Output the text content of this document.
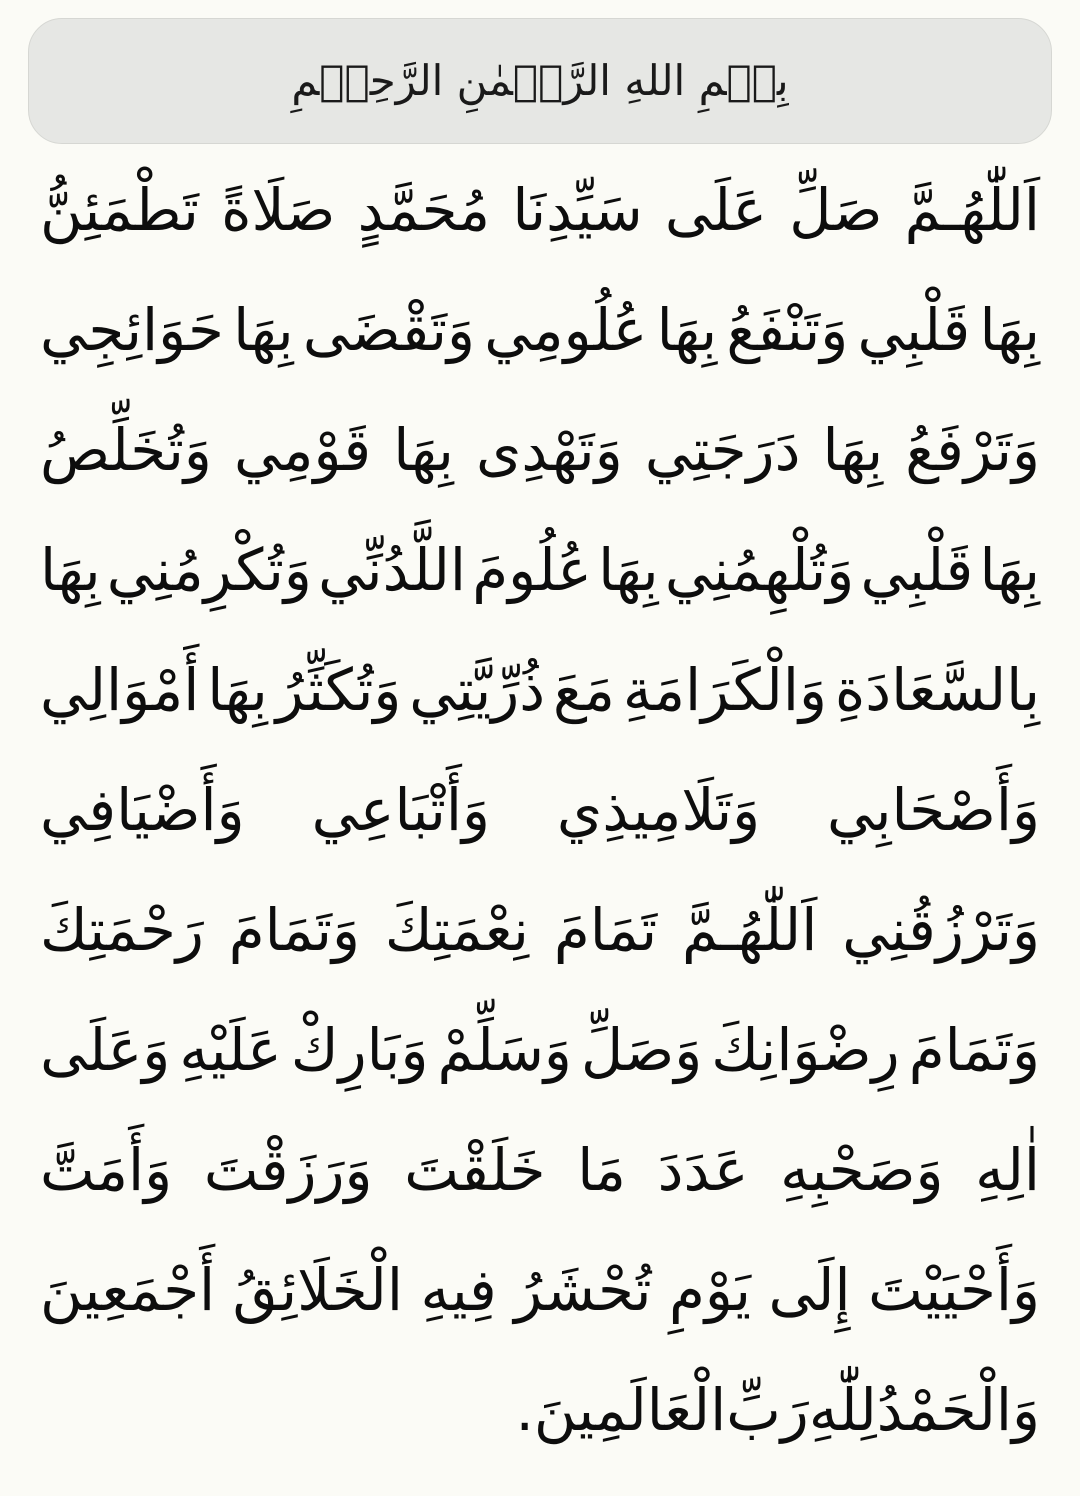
بِسۡمِ اللهِ الرَّحۡمٰنِ الرَّحِيۡمِ
اَللّٰهُـمَّ
صَلِّ
عَلَى
سَيِّدِنَا
مُحَمَّدٍ
صَلَاةً
تَطْمَئِنُّ
بِهَا
قَلْبِي
وَتَنْفَعُ
بِهَا
عُلُومِي
وَتَقْضَى
بِهَا
حَوَائِجِي
وَتَرْفَعُ
بِهَا
دَرَجَتِي
وَتَهْدِى
بِهَا
قَوْمِي
وَتُخَلِّصُ
بِهَا
قَلْبِي
وَتُلْهِمُنِي
بِهَا
عُلُومَ
اللَّدُنِّي
وَتُكْرِمُنِي
بِهَا
بِالسَّعَادَةِ
وَالْكَرَامَةِ
مَعَ
ذُرِّيَّتِي
وَتُكَثِّرُ
بِهَا
أَمْوَالِي
وَأَصْحَابِي
وَتَلَامِيذِي
وَأَتْبَاعِي
وَأَضْيَافِي
وَتَرْزُقُنِي
اَللّٰهُـمَّ
تَمَامَ
نِعْمَتِكَ
وَتَمَامَ
رَحْمَتِكَ
وَتَمَامَ
رِضْوَانِكَ
وَصَلِّ
وَسَلِّمْ
وَبَارِكْ
عَلَيْهِ
وَعَلَى
اٰلِهِ
وَصَحْبِهِ
عَدَدَ
مَا
خَلَقْتَ
وَرَزَقْتَ
وَأَمَتَّ
وَأَحْيَيْتَ
إِلَى
يَوْمِ
تُحْشَرُ
فِيهِ
الْخَلَائِقُ
أَجْمَعِينَ
وَالْحَمْدُ
لِلّٰهِ
رَبِّ
الْعَالَمِينَ.
